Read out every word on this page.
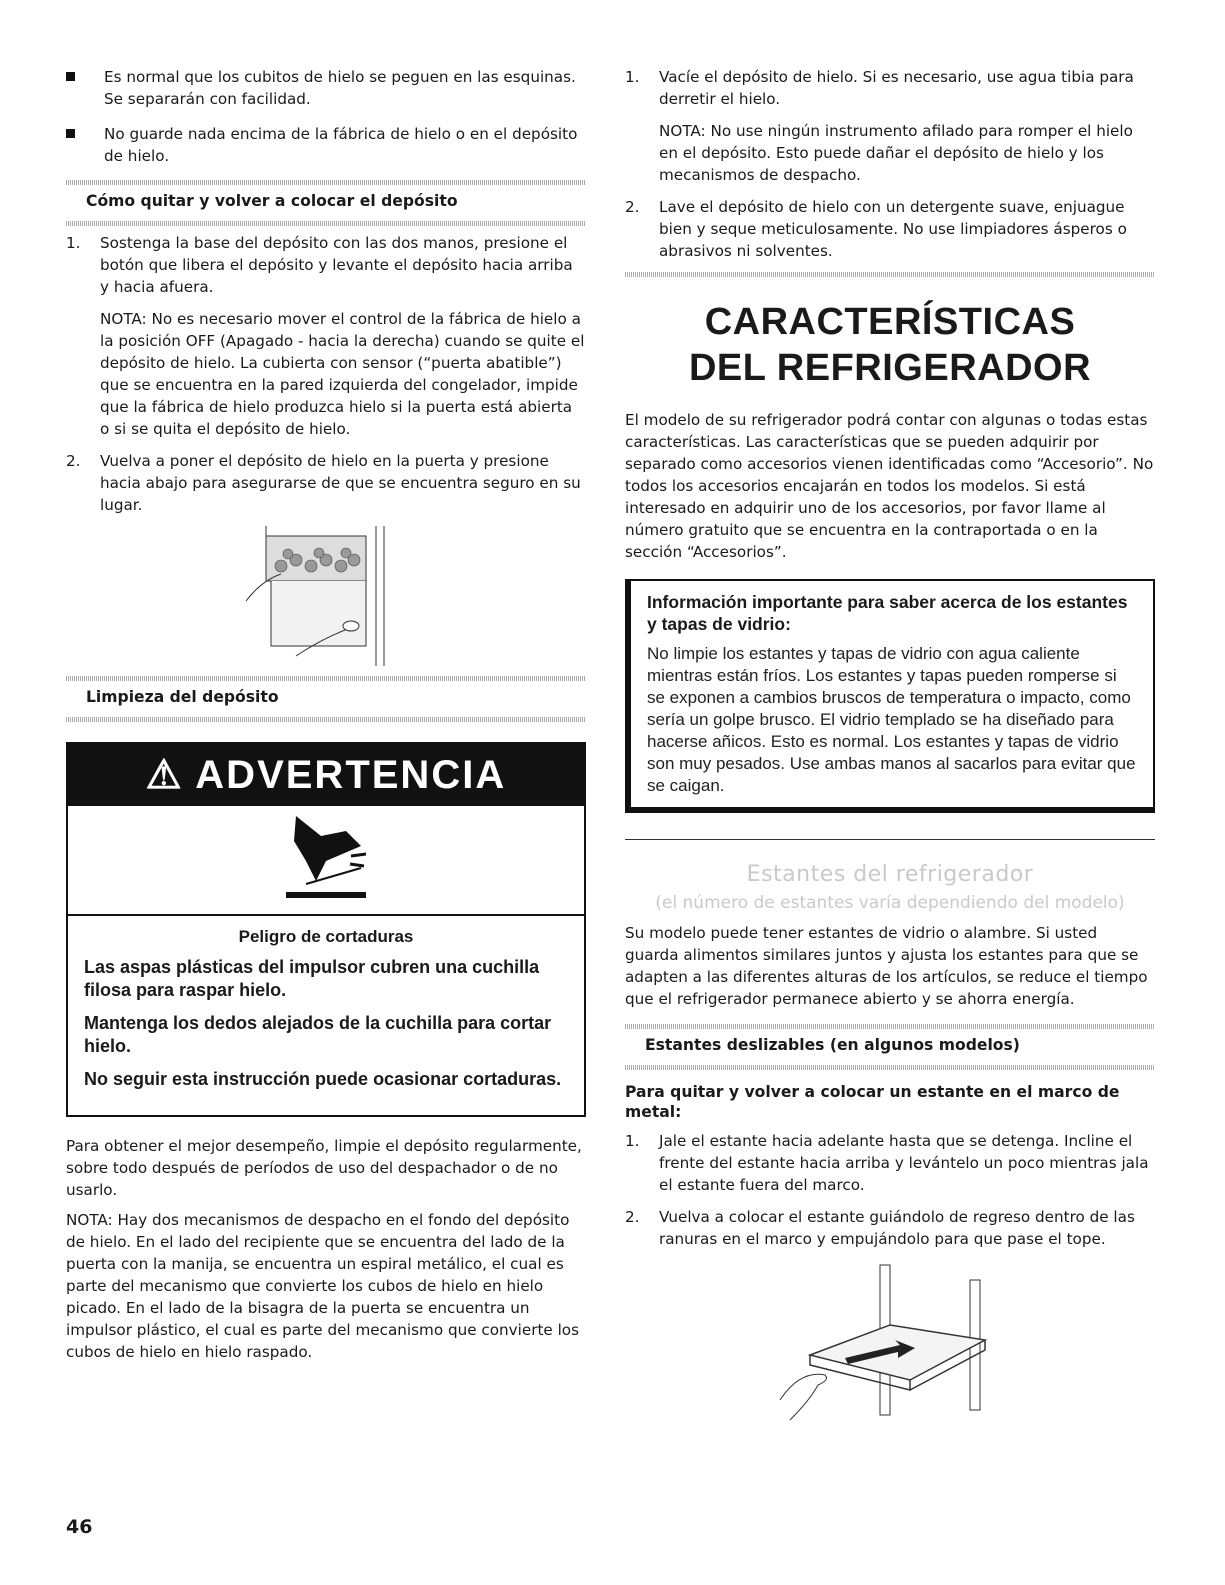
Es normal que los cubitos de hielo se peguen en las esquinas. Se separarán con facilidad.

No guarde nada encima de la fábrica de hielo o en el depósito de hielo.

Cómo quitar y volver a colocar el depósito

1. Sostenga la base del depósito con las dos manos, presione el botón que libera el depósito y levante el depósito hacia arriba y hacia afuera.

NOTA: No es necesario mover el control de la fábrica de hielo a la posición OFF (Apagado - hacia la derecha) cuando se quite el depósito de hielo. La cubierta con sensor (“puerta abatible”) que se encuentra en la pared izquierda del congelador, impide que la fábrica de hielo produzca hielo si la puerta está abierta o si se quita el depósito de hielo.

2. Vuelva a poner el depósito de hielo en la puerta y presione hacia abajo para asegurarse de que se encuentra seguro en su lugar.

Limpieza del depósito

⚠ ADVERTENCIA

Peligro de cortaduras

Las aspas plásticas del impulsor cubren una cuchilla filosa para raspar hielo.

Mantenga los dedos alejados de la cuchilla para cortar hielo.

No seguir esta instrucción puede ocasionar cortaduras.

Para obtener el mejor desempeño, limpie el depósito regularmente, sobre todo después de períodos de uso del despachador o de no usarlo.

NOTA: Hay dos mecanismos de despacho en el fondo del depósito de hielo. En el lado del recipiente que se encuentra del lado de la puerta con la manija, se encuentra un espiral metálico, el cual es parte del mecanismo que convierte los cubos de hielo en hielo picado. En el lado de la bisagra de la puerta se encuentra un impulsor plástico, el cual es parte del mecanismo que convierte los cubos de hielo en hielo raspado.

1. Vacíe el depósito de hielo. Si es necesario, use agua tibia para derretir el hielo.

NOTA: No use ningún instrumento afilado para romper el hielo en el depósito. Esto puede dañar el depósito de hielo y los mecanismos de despacho.

2. Lave el depósito de hielo con un detergente suave, enjuague bien y seque meticulosamente. No use limpiadores ásperos o abrasivos ni solventes.

CARACTERÍSTICAS
DEL REFRIGERADOR

El modelo de su refrigerador podrá contar con algunas o todas estas características. Las características que se pueden adquirir por separado como accesorios vienen identificadas como “Accesorio”. No todos los accesorios encajarán en todos los modelos. Si está interesado en adquirir uno de los accesorios, por favor llame al número gratuito que se encuentra en la contraportada o en la sección “Accesorios”.

Información importante para saber acerca de los estantes y tapas de vidrio:
No limpie los estantes y tapas de vidrio con agua caliente mientras están fríos. Los estantes y tapas pueden romperse si se exponen a cambios bruscos de temperatura o impacto, como sería un golpe brusco. El vidrio templado se ha diseñado para hacerse añicos. Esto es normal. Los estantes y tapas de vidrio son muy pesados. Use ambas manos al sacarlos para evitar que se caigan.
Estantes del refrigerador
(el número de estantes varía dependiendo del modelo)

Su modelo puede tener estantes de vidrio o alambre. Si usted guarda alimentos similares juntos y ajusta los estantes para que se adapten a las diferentes alturas de los artículos, se reduce el tiempo que el refrigerador permanece abierto y se ahorra energía.

Estantes deslizables (en algunos modelos)

Para quitar y volver a colocar un estante en el marco de metal:

1. Jale el estante hacia adelante hasta que se detenga. Incline el frente del estante hacia arriba y levántelo un poco mientras jala el estante fuera del marco.

2. Vuelva a colocar el estante guiándolo de regreso dentro de las ranuras en el marco y empujándolo para que pase el tope.

46
